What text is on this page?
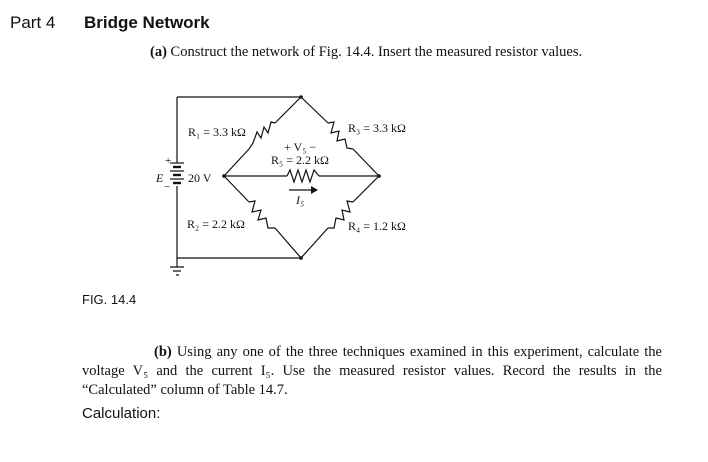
Part 4 Bridge Network
(a) Construct the network of Fig. 14.4. Insert the measured resistor values.
R₁ = 3.3 kΩ
R₂ = 2.2 kΩ
R₃ = 3.3 kΩ
R₄ = 1.2 kΩ
R₅ = 2.2 kΩ
+ V₅ −
I₅
E 20 V
+
−
FIG. 14.4
(b) Using any one of the three techniques examined in this experiment, calculate the voltage V₅ and the current I₅. Use the measured resistor values. Record the results in the “Calculated” column of Table 14.7.
Calculation:
